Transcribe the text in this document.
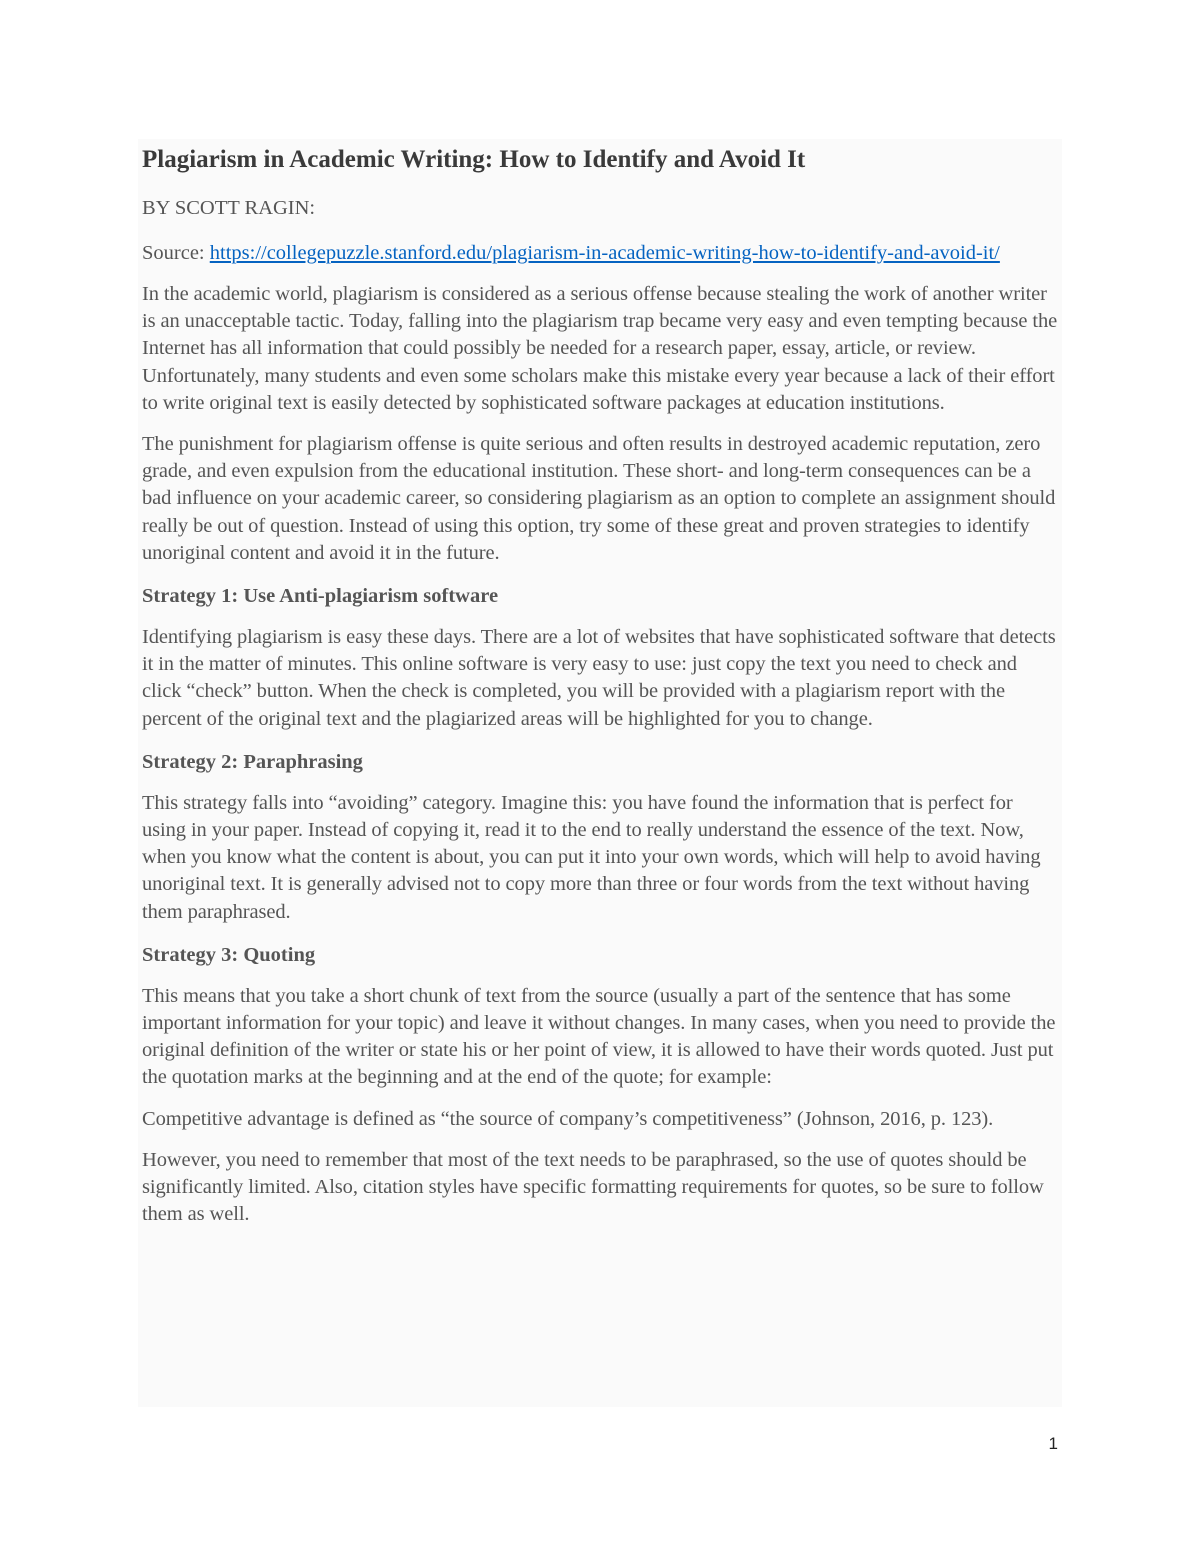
Plagiarism in Academic Writing: How to Identify and Avoid It

BY SCOTT RAGIN:

Source: https://collegepuzzle.stanford.edu/plagiarism-in-academic-writing-how-to-identify-and-avoid-it/

In the academic world, plagiarism is considered as a serious offense because stealing the work of another writer is an unacceptable tactic. Today, falling into the plagiarism trap became very easy and even tempting because the Internet has all information that could possibly be needed for a research paper, essay, article, or review. Unfortunately, many students and even some scholars make this mistake every year because a lack of their effort to write original text is easily detected by sophisticated software packages at education institutions.

The punishment for plagiarism offense is quite serious and often results in destroyed academic reputation, zero grade, and even expulsion from the educational institution. These short- and long-term consequences can be a bad influence on your academic career, so considering plagiarism as an option to complete an assignment should really be out of question. Instead of using this option, try some of these great and proven strategies to identify unoriginal content and avoid it in the future.

Strategy 1: Use Anti-plagiarism software

Identifying plagiarism is easy these days. There are a lot of websites that have sophisticated software that detects it in the matter of minutes. This online software is very easy to use: just copy the text you need to check and click “check” button. When the check is completed, you will be provided with a plagiarism report with the percent of the original text and the plagiarized areas will be highlighted for you to change.

Strategy 2: Paraphrasing

This strategy falls into “avoiding” category. Imagine this: you have found the information that is perfect for using in your paper. Instead of copying it, read it to the end to really understand the essence of the text. Now, when you know what the content is about, you can put it into your own words, which will help to avoid having unoriginal text. It is generally advised not to copy more than three or four words from the text without having them paraphrased.

Strategy 3: Quoting

This means that you take a short chunk of text from the source (usually a part of the sentence that has some important information for your topic) and leave it without changes. In many cases, when you need to provide the original definition of the writer or state his or her point of view, it is allowed to have their words quoted. Just put the quotation marks at the beginning and at the end of the quote; for example:

Competitive advantage is defined as “the source of company’s competitiveness” (Johnson, 2016, p. 123).

However, you need to remember that most of the text needs to be paraphrased, so the use of quotes should be significantly limited. Also, citation styles have specific formatting requirements for quotes, so be sure to follow them as well.

1
